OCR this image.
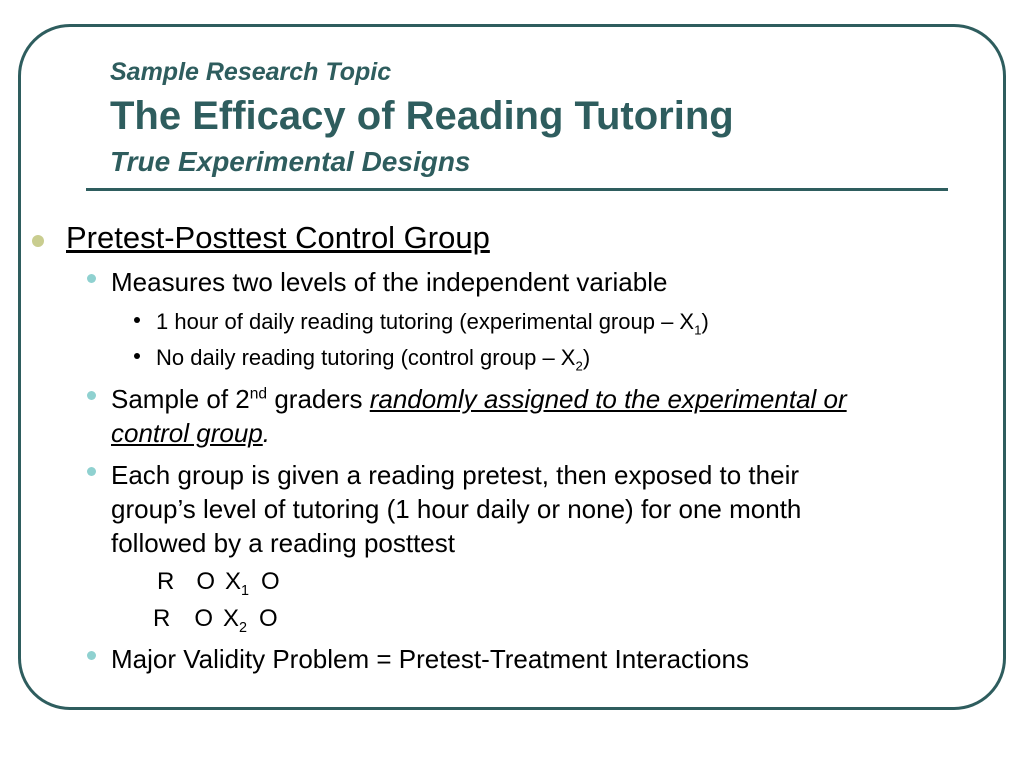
Sample Research Topic
The Efficacy of Reading Tutoring
True Experimental Designs
Pretest-Posttest Control Group
Measures two levels of the independent variable
1 hour of daily reading tutoring (experimental group – $X_1$)
No daily reading tutoring (control group – $X_2$)
Sample of 2nd graders randomly assigned to the experimental or
control group.
Each group is given a reading pretest, then exposed to their
group’s level of tutoring (1 hour daily or none) for one month
followed by a reading posttest
R O X1 O
R O X2 O
Major Validity Problem = Pretest-Treatment Interactions
